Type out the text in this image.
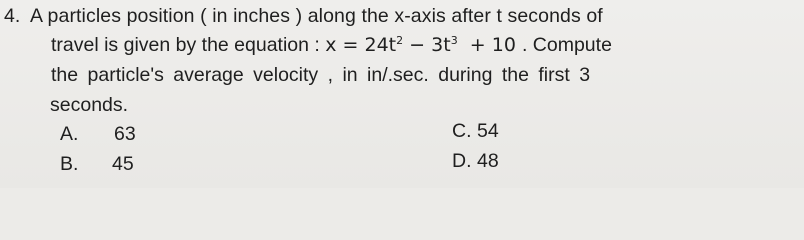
4. A particles position ( in inches ) along the x-axis after t seconds of
travel is given by the equation : $x = 24t^2 - 3t^3 + 10$ . Compute
the particle's average velocity , in in/.sec. during the first 3
seconds.
A. 63
B. 45
C. 54
D. 48
